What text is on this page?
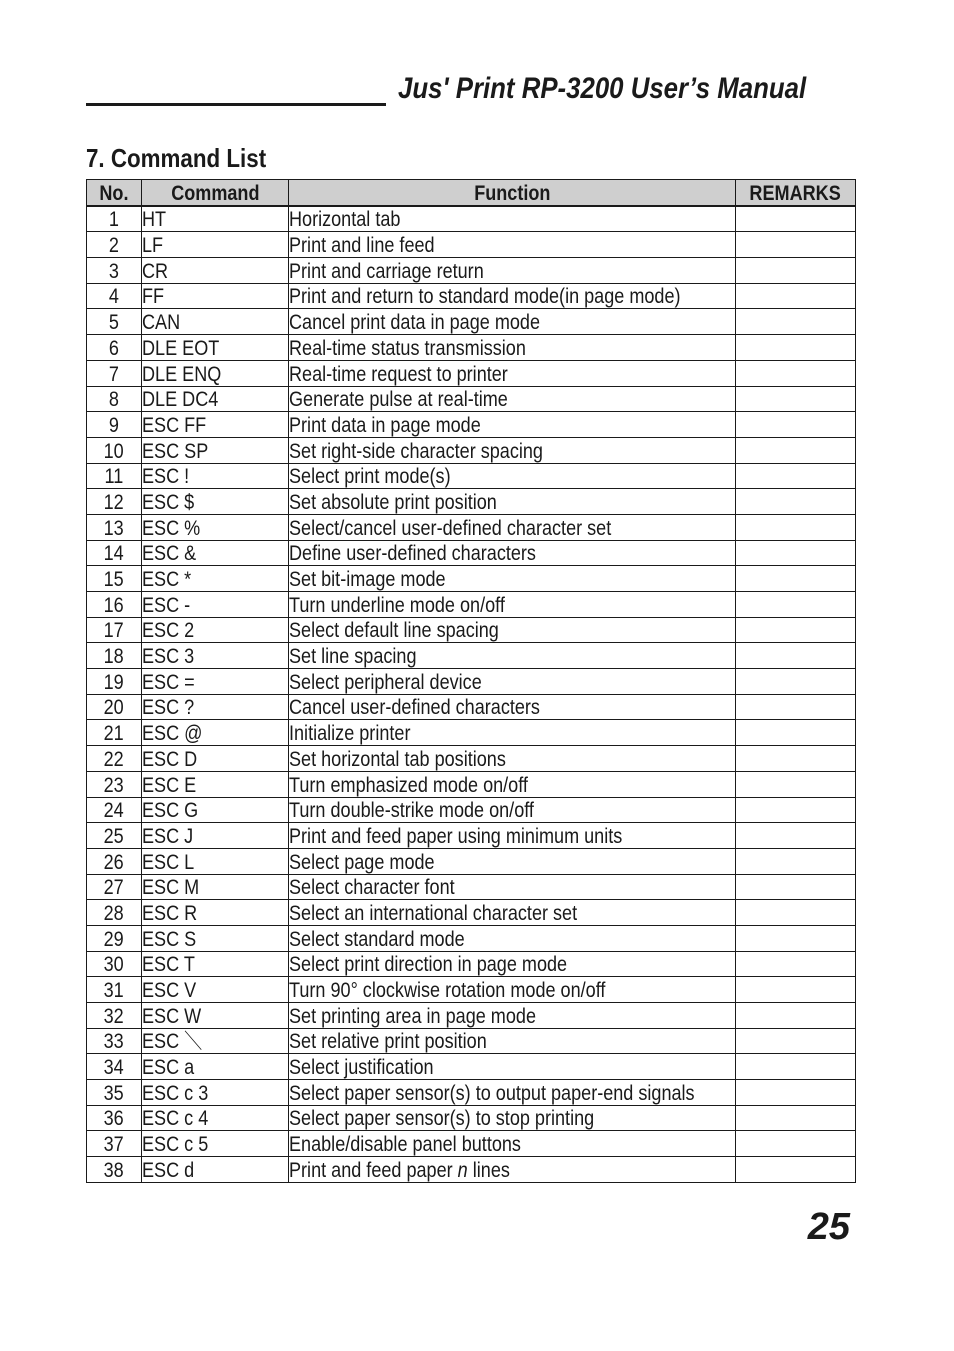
Jus' Print RP-3200 User’s Manual
7. Command List
No.	Command	Function	REMARKS
1	HT	Horizontal tab	
2	LF	Print and line feed	
3	CR	Print and carriage return	
4	FF	Print and return to standard mode(in page mode)	
5	CAN	Cancel print data in page mode	
6	DLE EOT	Real-time status transmission	
7	DLE ENQ	Real-time request to printer	
8	DLE DC4	Generate pulse at real-time	
9	ESC FF	Print data in page mode	
10	ESC SP	Set right-side character spacing	
11	ESC !	Select print mode(s)	
12	ESC $	Set absolute print position	
13	ESC %	Select/cancel user-defined character set	
14	ESC &	Define user-defined characters	
15	ESC *	Set bit-image mode	
16	ESC -	Turn underline mode on/off	
17	ESC 2	Select default line spacing	
18	ESC 3	Set line spacing	
19	ESC =	Select peripheral device	
20	ESC ?	Cancel user-defined characters	
21	ESC @	Initialize printer	
22	ESC D	Set horizontal tab positions	
23	ESC E	Turn emphasized mode on/off	
24	ESC G	Turn double-strike mode on/off	
25	ESC J	Print and feed paper using minimum units	
26	ESC L	Select page mode	
27	ESC M	Select character font	
28	ESC R	Select an international character set	
29	ESC S	Select standard mode	
30	ESC T	Select print direction in page mode	
31	ESC V	Turn 90° clockwise rotation mode on/off	
32	ESC W	Set printing area in page mode	
33	ESC ＼	Set relative print position	
34	ESC a	Select justification	
35	ESC c 3	Select paper sensor(s) to output paper-end signals	
36	ESC c 4	Select paper sensor(s) to stop printing	
37	ESC c 5	Enable/disable panel buttons	
38	ESC d	Print and feed paper n lines	
25
